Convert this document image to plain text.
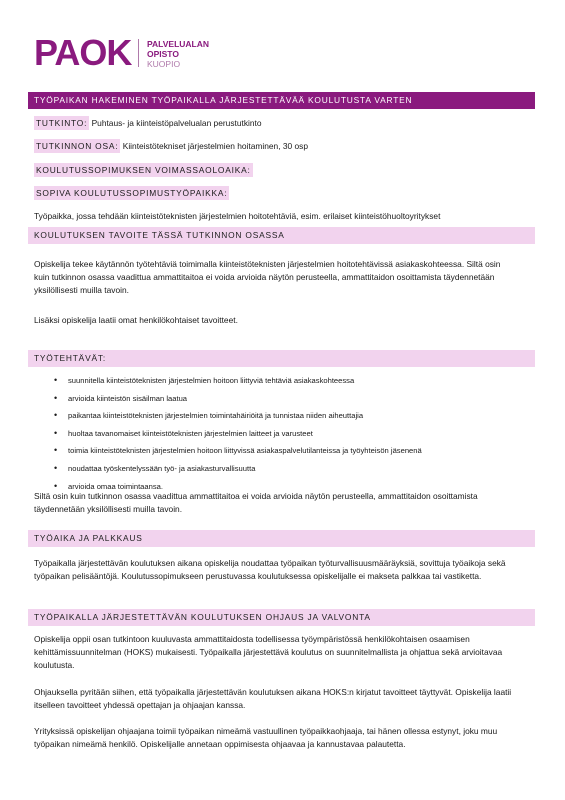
PAOK PALVELUALAN
OPISTO
KUOPIO
TYÖPAIKAN HAKEMINEN TYÖPAIKALLA JÄRJESTETTÄVÄÄ KOULUTUSTA VARTEN
TUTKINTO: Puhtaus- ja kiinteistöpalvelualan perustutkinto
TUTKINNON OSA: Kiinteistötekniset järjestelmien hoitaminen, 30 osp
KOULUTUSSOPIMUKSEN VOIMASSAOLOAIKA:
SOPIVA KOULUTUSSOPIMUSTYÖPAIKKA:
Työpaikka, jossa tehdään kiinteistöteknisten järjestelmien hoitotehtäviä, esim. erilaiset kiinteistöhuoltoyritykset
KOULUTUKSEN TAVOITE TÄSSÄ TUTKINNON OSASSA

Opiskelija tekee käytännön työtehtäviä toimimalla kiinteistöteknisten järjestelmien hoitotehtävissä asiakaskohteessa. Siltä osin kuin tutkinnon osassa vaadittua ammattitaitoa ei voida arvioida näytön perusteella, ammattitaidon osoittamista täydennetään yksilöllisesti muilla tavoin.

Lisäksi opiskelija laatii omat henkilökohtaiset tavoitteet.

TYÖTEHTÄVÄT:
• suunnitella kiinteistöteknisten järjestelmien hoitoon liittyviä tehtäviä asiakaskohteessa
• arvioida kiinteistön sisäilman laatua
• paikantaa kiinteistöteknisten järjestelmien toimintahäiriöitä ja tunnistaa niiden aiheuttajia
• huoltaa tavanomaiset kiinteistöteknisten järjestelmien laitteet ja varusteet
• toimia kiinteistöteknisten järjestelmien hoitoon liittyvissä asiakaspalvelutilanteissa ja työyhteisön jäsenenä
• noudattaa työskentelyssään työ- ja asiakasturvallisuutta
• arvioida omaa toimintaansa.

Siltä osin kuin tutkinnon osassa vaadittua ammattitaitoa ei voida arvioida näytön perusteella, ammattitaidon osoittamista täydennetään yksilöllisesti muilla tavoin.

TYÖAIKA JA PALKKAUS

Työpaikalla järjestettävän koulutuksen aikana opiskelija noudattaa työpaikan työturvallisuusmääräyksiä, sovittuja työaikoja sekä työpaikan pelisääntöjä. Koulutussopimukseen perustuvassa koulutuksessa opiskelijalle ei makseta palkkaa tai vastiketta.

TYÖPAIKALLA JÄRJESTETTÄVÄN KOULUTUKSEN OHJAUS JA VALVONTA

Opiskelija oppii osan tutkintoon kuuluvasta ammattitaidosta todellisessa työympäristössä henkilökohtaisen osaamisen kehittämissuunnitelman (HOKS) mukaisesti. Työpaikalla järjestettävä koulutus on suunnitelmallista ja ohjattua sekä arvioitavaa koulutusta.

Ohjauksella pyritään siihen, että työpaikalla järjestettävän koulutuksen aikana HOKS:n kirjatut tavoitteet täyttyvät. Opiskelija laatii itselleen tavoitteet yhdessä opettajan ja ohjaajan kanssa.

Yrityksissä opiskelijan ohjaajana toimii työpaikan nimeämä vastuullinen työpaikkaohjaaja, tai hänen ollessa estynyt, joku muu työpaikan nimeämä henkilö. Opiskelijalle annetaan oppimisesta ohjaavaa ja kannustavaa palautetta.
